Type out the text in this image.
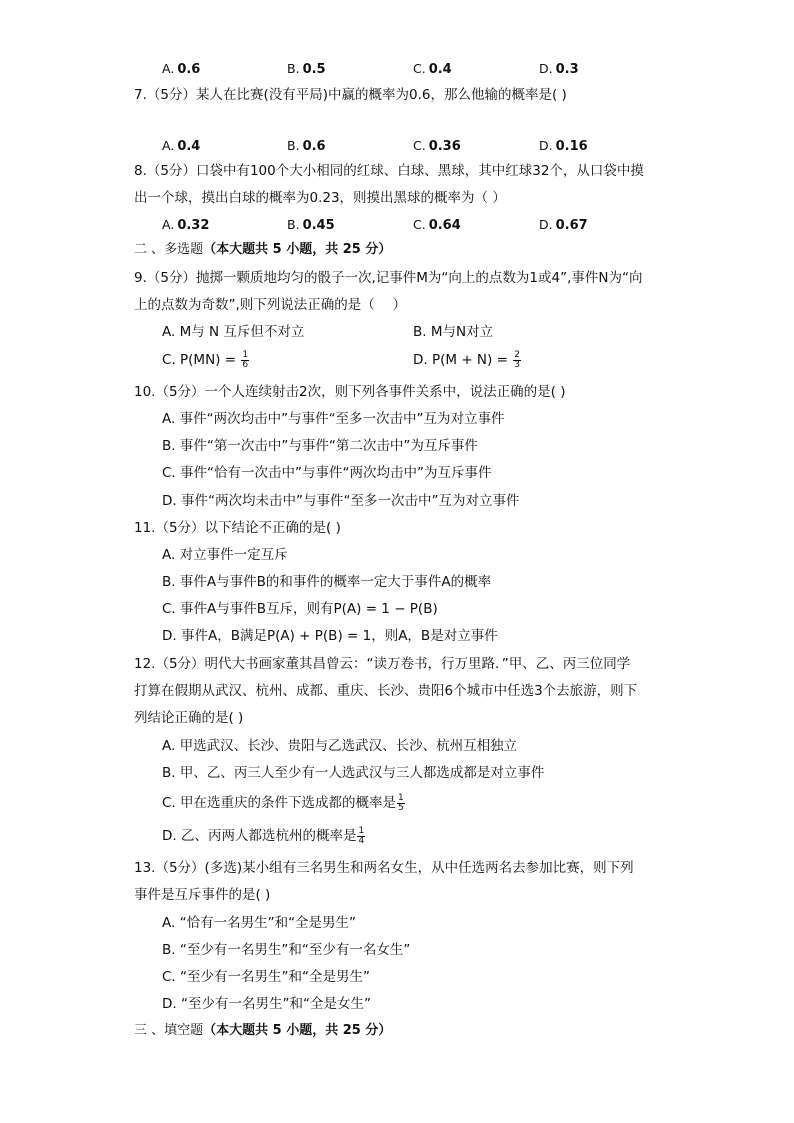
A. 0.6	B. 0.5	C. 0.4	D. 0.3
7.（5分）某人在比赛(没有平局)中赢的概率为0.6，那么他输的概率是( )
A. 0.4	B. 0.6	C. 0.36	D. 0.16
8.（5分）口袋中有100个大小相同的红球、白球、黑球，其中红球32个，从口袋中摸
出一个球，摸出白球的概率为0.23，则摸出黑球的概率为（ ）
A. 0.32	B. 0.45	C. 0.64	D. 0.67
二 、多选题（本大题共 5 小题，共 25 分）
9.（5分）抛掷一颗质地均匀的骰子一次,记事件M为“向上的点数为1或4”,事件N为“向
上的点数为奇数”,则下列说法正确的是（　 ）
A. M与 N 互斥但不对立	B. M与N对立
C. $P(MN) = \frac{1}{6}$	D. $P(M + N) = \frac{2}{3}$
10.（5分）一个人连续射击2次，则下列各事件关系中，说法正确的是( )
A. 事件“两次均击中”与事件“至多一次击中”互为对立事件
B. 事件“第一次击中”与事件“第二次击中”为互斥事件
C. 事件“恰有一次击中”与事件“两次均击中”为互斥事件
D. 事件“两次均未击中”与事件“至多一次击中”互为对立事件
11.（5分）以下结论不正确的是( )
A. 对立事件一定互斥
B. 事件A与事件B的和事件的概率一定大于事件A的概率
C. 事件A与事件B互斥，则有P(A) = 1 − P(B)
D. 事件A，B满足P(A) + P(B) = 1，则A，B是对立事件
12.（5分）明代大书画家董其昌曾云：“读万卷书，行万里路．”甲、乙、丙三位同学
打算在假期从武汉、杭州、成都、重庆、长沙、贵阳6个城市中任选3个去旅游，则下
列结论正确的是( )
A. 甲选武汉、长沙、贵阳与乙选武汉、长沙、杭州互相独立
B. 甲、乙、丙三人至少有一人选武汉与三人都选成都是对立事件
C. 甲在选重庆的条件下选成都的概率是 $\frac{1}{5}$
D. 乙、丙两人都选杭州的概率是 $\frac{1}{4}$
13.（5分）(多选)某小组有三名男生和两名女生，从中任选两名去参加比赛，则下列
事件是互斥事件的是( )
A. “恰有一名男生”和“全是男生”
B. “至少有一名男生”和“至少有一名女生”
C. “至少有一名男生”和“全是男生”
D. “至少有一名男生”和“全是女生”
三 、填空题（本大题共 5 小题，共 25 分）
